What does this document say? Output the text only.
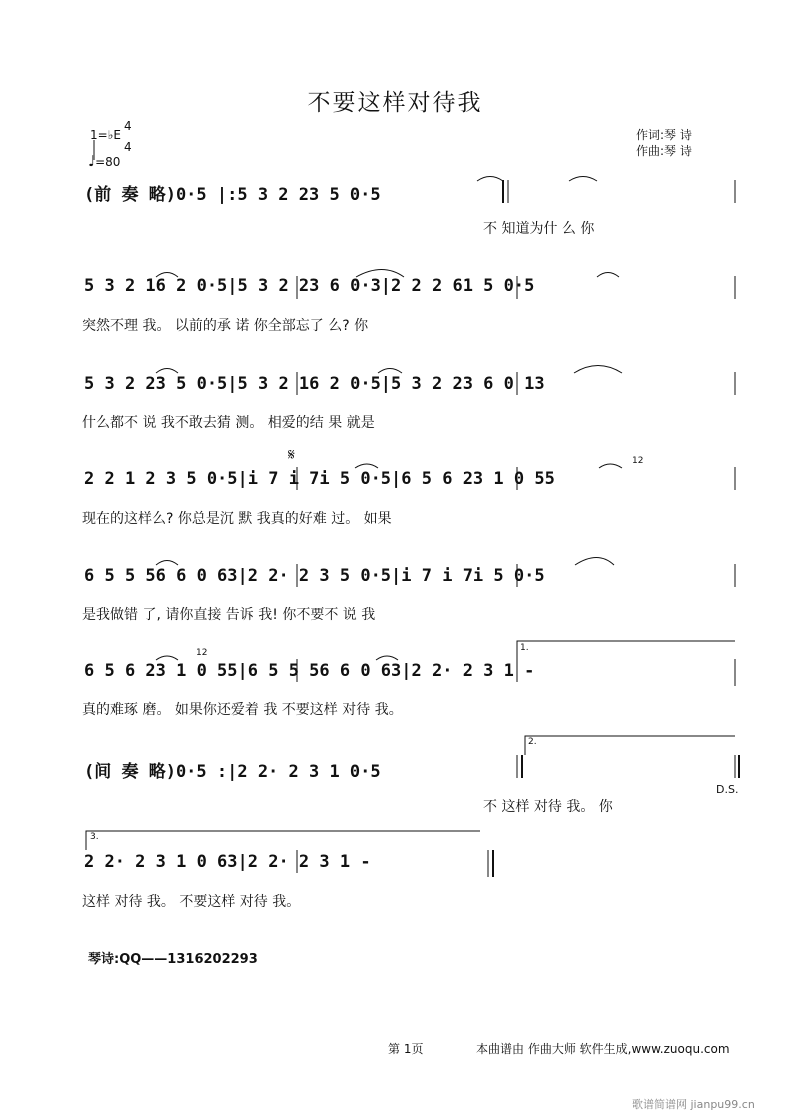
不要这样对待我
1=♭E
4
4
♩=80
作词:琴 诗
作曲:琴 诗
(前 奏 略)0·5 |:5 3 2 23 5 0·5
不 知道为什 么 你
5 3 2 16 2 0·5|5 3 2 23 6 0·3|2 2 2 61 5 0·5
突然不理 我。 以前的承 诺 你全部忘了 么? 你
5 3 2 23 5 0·5|5 3 2 16 2 0·5|5 3 2 23 6 0 13
什么都不 说 我不敢去猜 测。 相爱的结 果 就是
𝄋
2 2 1 2 3 5 0·5|i 7 i 7i 5 0·5|6 5 6 23 1 0 55
12
现在的这样么? 你总是沉 默 我真的好难 过。 如果
6 5 5 56 6 0 63|2 2· 2 3 5 0·5|i 7 i 7i 5 0·5
是我做错 了, 请你直接 告诉 我! 你不要不 说 我
1.
6 5 6 23 1 0 55|6 5 5 56 6 0 63|2 2· 2 3 1 -
12
真的难琢 磨。 如果你还爱着 我 不要这样 对待 我。
2.
(间 奏 略)0·5 :|2 2· 2 3 1 0·5
D.S.
不 这样 对待 我。 你
3.
2 2· 2 3 1 0 63|2 2· 2 3 1 -
这样 对待 我。 不要这样 对待 我。
琴诗:QQ——1316202293
第 1页	本曲谱由 作曲大师 软件生成,www.zuoqu.com
歌谱简谱网 jianpu99.cn
